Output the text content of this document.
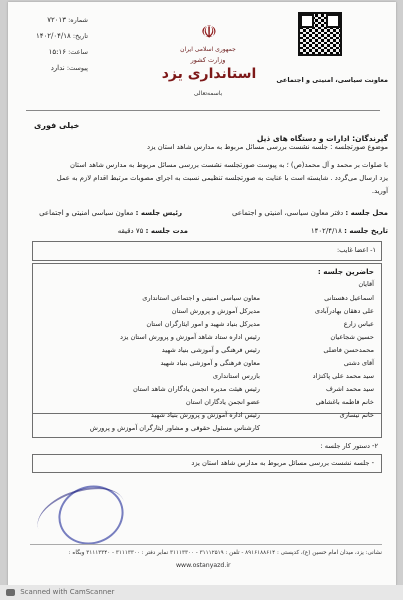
شماره: ۷۲۰۱۳
تاریخ: ۱۴۰۲/۰۴/۱۸
ساعت: ۱۵:۱۶
پیوست: ندارد
☫
جمهوری اسلامی ایران
وزارت کشور
استانداری یزد
باسمه‌تعالی
معاونت سیاسی، امنیتی و اجتماعی
خیلی فوری
گیرندگان: ادارات و دستگاه های ذیل
موضوع صورتجلسه : جلسه نشست بررسی مسائل مربوط به مدارس شاهد استان یزد
با صلوات بر محمد و آل محمد(ص) ؛ به پیوست صورتجلسه نشست بررسی مسائل مربوط به مدارس شاهد استان
یزد ارسال می‌گردد . شایسته است با عنایت به صورتجلسه تنظیمی نسبت به اجرای مصوبات مرتبط اقدام لازم به عمل
آورید.
محل جلسه : دفتر معاون سیاسی، امنیتی و اجتماعی
رئیس جلسه : معاون سیاسی امنیتی و اجتماعی
تاریخ جلسه : ۱۴۰۲/۴/۱۸
مدت جلسه : ۷۵ دقیقه
۱- اعضا غایب:
حاضرین جلسه :
آقایان
اسماعیل دهستانی
معاون سیاسی امنیتی و اجتماعی استانداری
علی دهقان بهادرآبادی
مدیرکل آموزش و پرورش استان
عباس زارع
مدیرکل بنیاد شهید و امور ایثارگران استان
حسین شجاعیان
رئیس اداره ستاد شاهد آموزش و پرورش استان یزد
محمدحسن فاضلی
رئیس فرهنگی و آموزشی بنیاد شهید
آقای دشتی
معاون فرهنگی و آموزشی بنیاد شهید
سید محمد علی پاکنژاد
بازرس استانداری
سید محمد اشرف
رئیس هیئت مدیره انجمن یادگاران شاهد استان
خانم فاطمه باغشاهی
عضو انجمن یادگاران استان
خانم نیساری
رئیس اداره آموزش و پرورش بنیاد شهید
کارشناس مسئول حقوقی و مشاور ایثارگران آموزش و پرورش
۲- دستور کار جلسه :
- جلسه نشست بررسی مسائل مربوط به مدارس شاهد استان یزد
نشانی: یزد، میدان امام حسین (ع)، کدپستی : ۸۹۱۶۱۸۸۶۱۴ - تلفن : ۳۱۱۱۲۵۱۹ - ۳۱۱۱۳۳۰۰ نمابر دفتر : ۳۱۱۱۳۳۰۰ - ۳۱۱۱۳۳۴۰ وبگاه :
www.ostanyazd.ir
Scanned with CamScanner
